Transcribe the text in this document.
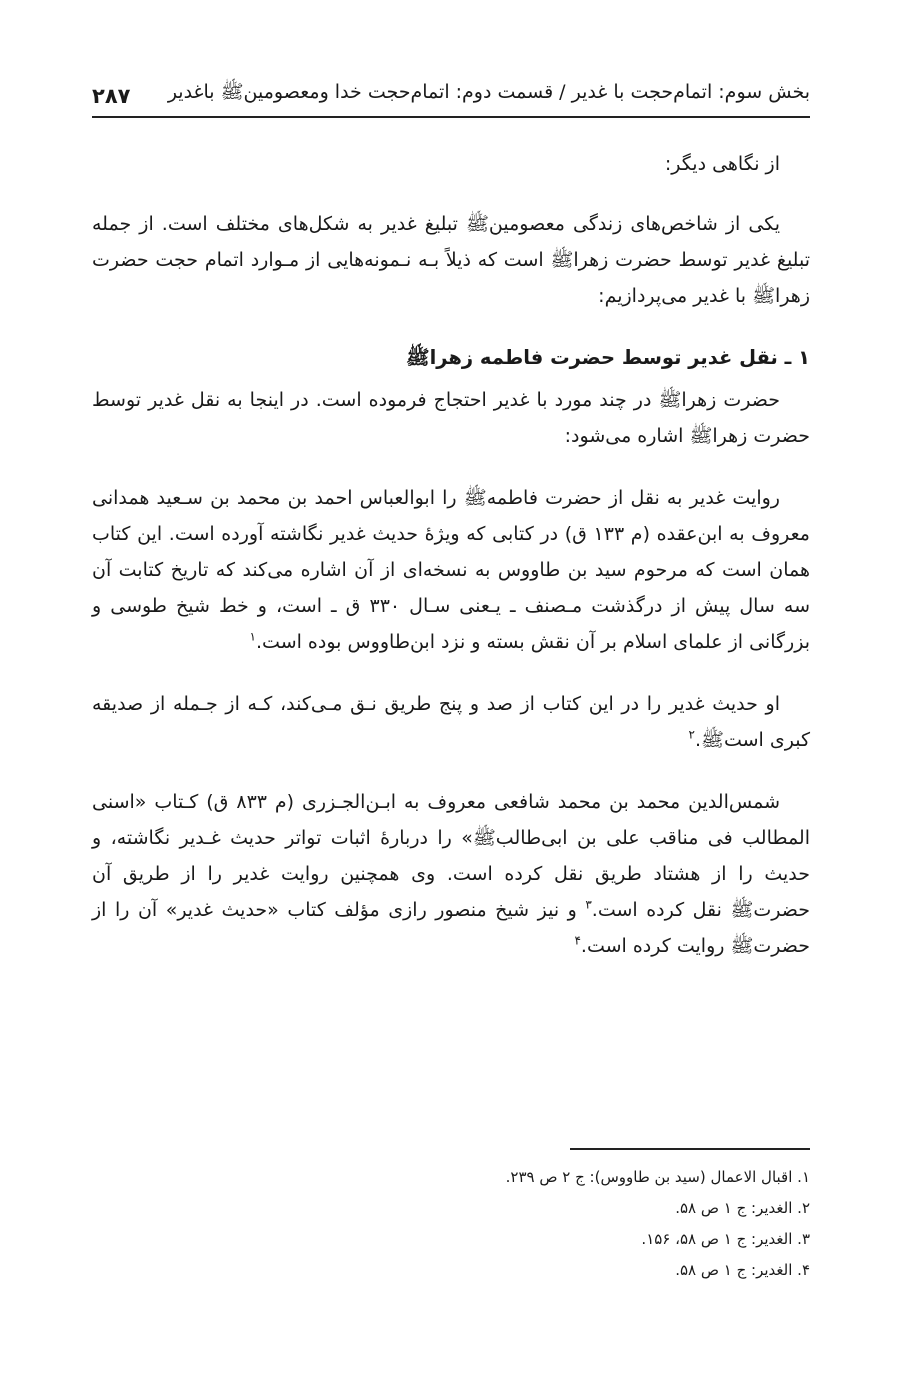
بخش سوم: اتمام‌حجت با غدیر / قسمت دوم: اتمام‌حجت خدا ومعصومینﷺ باغدیر
۲۸۷

از نگاهی دیگر:

یکی از شاخص‌های زندگی معصومینﷺ تبلیغ غدیر به شکل‌های مختلف است. از جمله تبلیغ غدیر توسط حضرت زهراﷺ است که ذیلاً بـه نـمونه‌هایی از مـوارد اتمام حجت حضرت زهراﷺ با غدیر می‌پردازیم:

۱ ـ نقل غدیر توسط حضرت فاطمه زهراﷺ

حضرت زهراﷺ در چند مورد با غدیر احتجاج فرموده است. در اینجا به نقل غدیر توسط حضرت زهراﷺ اشاره می‌شود:

روایت غدیر به نقل از حضرت فاطمهﷺ را ابوالعباس احمد بن محمد بن سـعید همدانی معروف به ابن‌عقده (م ۱۳۳ ق) در کتابی که ویژهٔ حدیث غدیر نگاشته آورده است. این کتاب همان است که مرحوم سید بن طاووس به نسخه‌ای از آن اشاره می‌کند که تاریخ کتابت آن سه سال پیش از درگذشت مـصنف ـ یـعنی سـال ۳۳۰ ق ـ است، و خط شیخ طوسی و بزرگانی از علمای اسلام بر آن نقش بسته و نزد ابن‌طاووس بوده است.$^۱$

او حدیث غدیر را در این کتاب از صد و پنج طریق نـق مـی‌کند، کـه از جـمله از صدیقه کبری استﷺ.$^۲$

شمس‌الدین محمد بن محمد شافعی معروف به ابـن‌الجـزری (م ۸۳۳ ق) کـتاب «اسنی المطالب فی مناقب علی بن ابی‌طالبﷺ» را دربارهٔ اثبات تواتر حدیث غـدیر نگاشته، و حدیث را از هشتاد طریق نقل کرده است. وی همچنین روایت غدیر را از طریق آن حضرتﷺ نقل کرده است.$^۳$ و نیز شیخ منصور رازی مؤلف کتاب «حدیث غدیر» آن را از حضرتﷺ روایت کرده است.$^۴$

۱. اقبال الاعمال (سید بن طاووس): ج ۲ ص ۲۳۹.
۲. الغدیر: ج ۱ ص ۵۸.
۳. الغدیر: ج ۱ ص ۵۸، ۱۵۶.
۴. الغدیر: ج ۱ ص ۵۸.
